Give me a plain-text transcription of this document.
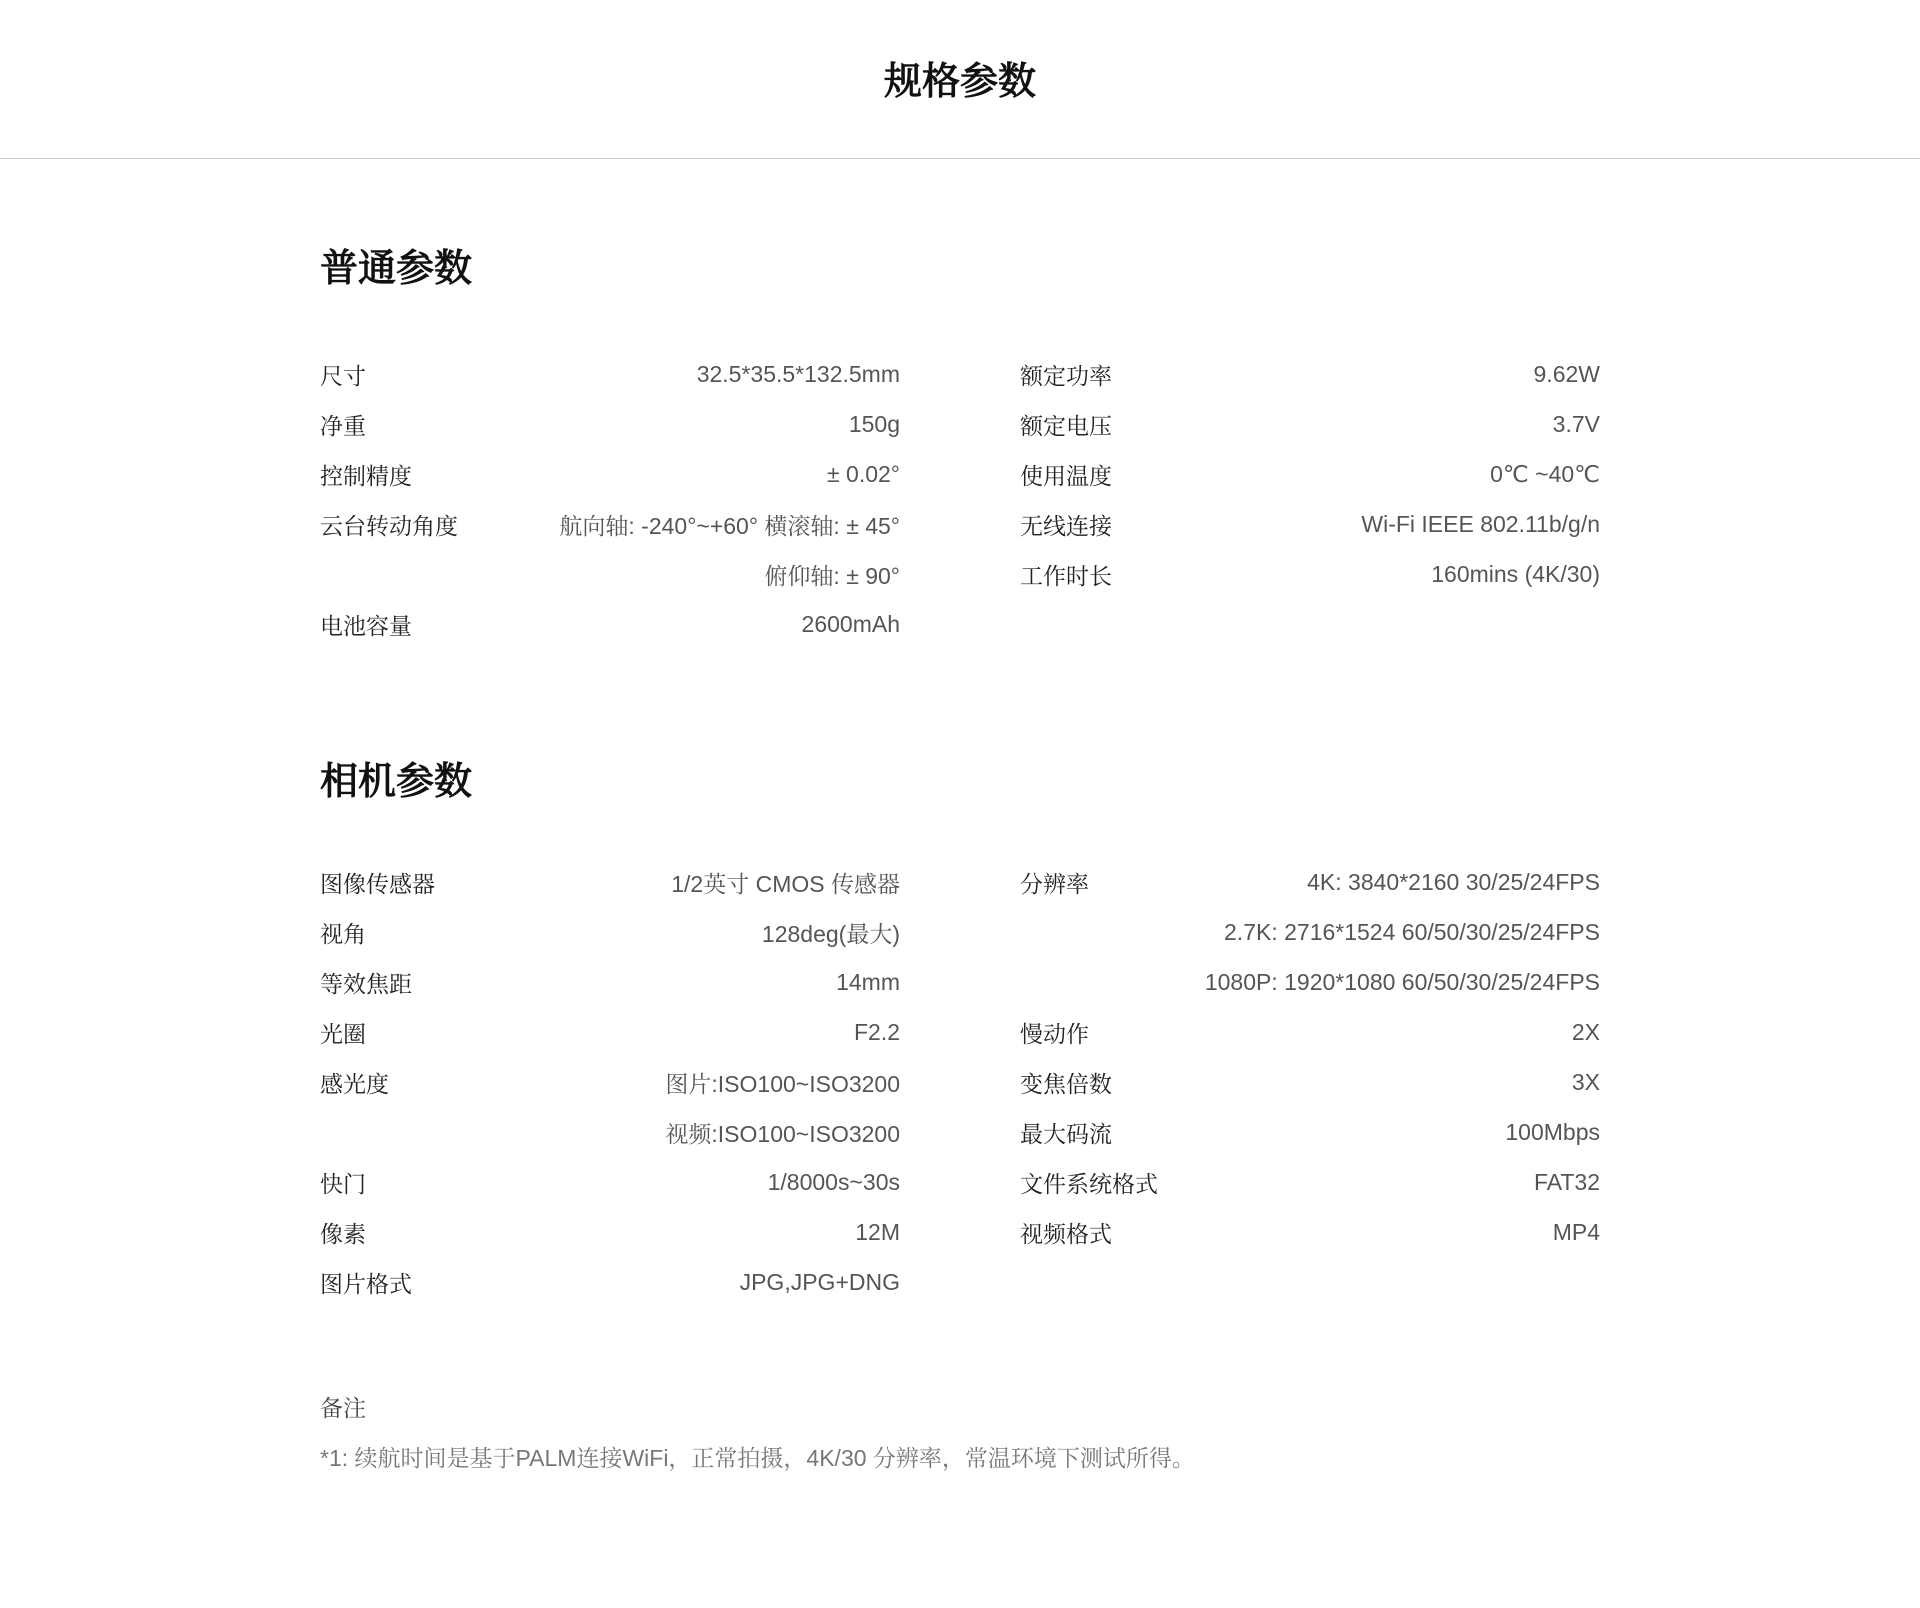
规格参数
普通参数
尺寸	32.5*35.5*132.5mm
净重	150g
控制精度	± 0.02°
云台转动角度	航向轴: -240°~+60° 横滚轴: ± 45°
俯仰轴: ± 90°
电池容量	2600mAh
额定功率	9.62W
额定电压	3.7V
使用温度	0℃ ~40℃
无线连接	Wi-Fi IEEE 802.11b/g/n
工作时长	160mins (4K/30)
相机参数
图像传感器	1/2英寸 CMOS 传感器
视角	128deg(最大)
等效焦距	14mm
光圈	F2.2
感光度	图片:ISO100~ISO3200
视频:ISO100~ISO3200
快门	1/8000s~30s
像素	12M
图片格式	JPG,JPG+DNG
分辨率	4K: 3840*2160 30/25/24FPS
2.7K: 2716*1524 60/50/30/25/24FPS
1080P: 1920*1080 60/50/30/25/24FPS
慢动作	2X
变焦倍数	3X
最大码流	100Mbps
文件系统格式	FAT32
视频格式	MP4
备注
*1: 续航时间是基于PALM连接WiFi，正常拍摄，4K/30 分辨率，常温环境下测试所得。
